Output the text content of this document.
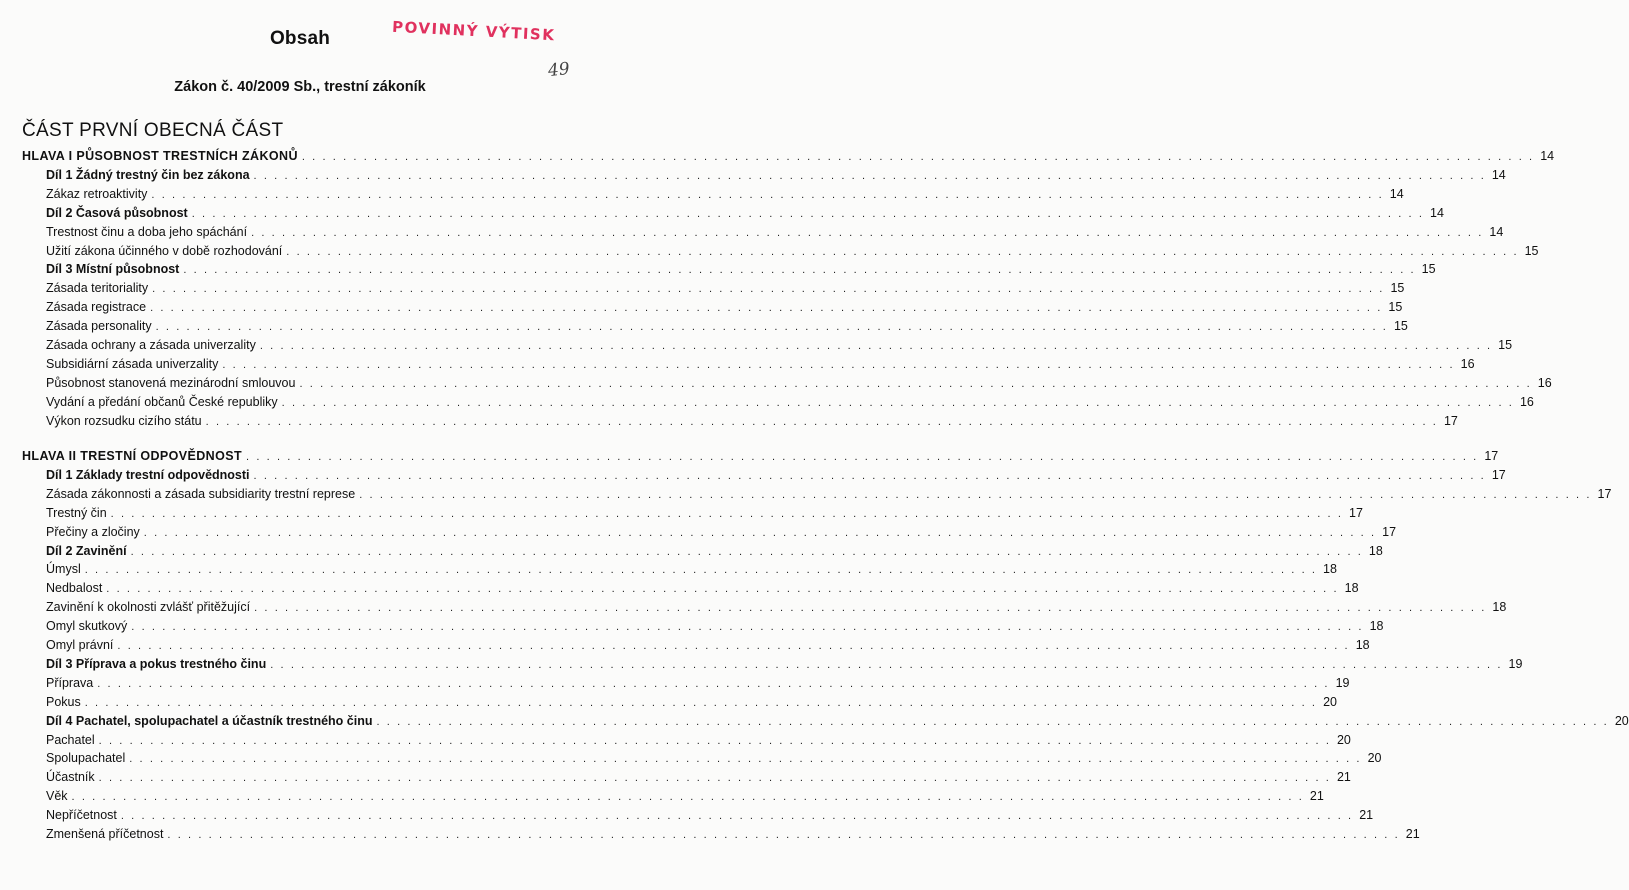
Obsah	POVINNÝ VÝTISK
49
Zákon č. 40/2009 Sb., trestní zákoník
ČÁST PRVNÍ OBECNÁ ČÁST
HLAVA I PŮSOBNOST TRESTNÍCH ZÁKONŮ . . . . . . . . . . . . . . . . . . . . . . . . . . . . . . . . . . . . . . . . . . . . . . . . . . . . . . . . . . . . . . . . . . . . . . . . . . . . . . . . . . . . . . . . . . . . . . . . . . . . . . . . . . . . . . . . . . . . . . . . 14
Díl 1 Žádný trestný čin bez zákona . . . . . . . . . . . . . . . . . . . . . . . . . . . . . . . . . . . . . . . . . . . . . . . . . . . . . . . . . . . . . . . . . . . . . . . . . . . . . . . . . . . . . . . . . . . . . . . . . . . . . . . . . . . . . . . . . . . . . . . . 14
Zákaz retroaktivity . . . . . . . . . . . . . . . . . . . . . . . . . . . . . . . . . . . . . . . . . . . . . . . . . . . . . . . . . . . . . . . . . . . . . . . . . . . . . . . . . . . . . . . . . . . . . . . . . . . . . . . . . . . . . . . . . . . . . . . . 14
Díl 2 Časová působnost . . . . . . . . . . . . . . . . . . . . . . . . . . . . . . . . . . . . . . . . . . . . . . . . . . . . . . . . . . . . . . . . . . . . . . . . . . . . . . . . . . . . . . . . . . . . . . . . . . . . . . . . . . . . . . . . . . . . . . . . 14
Trestnost činu a doba jeho spáchání . . . . . . . . . . . . . . . . . . . . . . . . . . . . . . . . . . . . . . . . . . . . . . . . . . . . . . . . . . . . . . . . . . . . . . . . . . . . . . . . . . . . . . . . . . . . . . . . . . . . . . . . . . . . . . . . . . . . . . . . 14
Užití zákona účinného v době rozhodování . . . . . . . . . . . . . . . . . . . . . . . . . . . . . . . . . . . . . . . . . . . . . . . . . . . . . . . . . . . . . . . . . . . . . . . . . . . . . . . . . . . . . . . . . . . . . . . . . . . . . . . . . . . . . . . . . . . . . . . . 15
Díl 3 Místní působnost . . . . . . . . . . . . . . . . . . . . . . . . . . . . . . . . . . . . . . . . . . . . . . . . . . . . . . . . . . . . . . . . . . . . . . . . . . . . . . . . . . . . . . . . . . . . . . . . . . . . . . . . . . . . . . . . . . . . . . . . 15
Zásada teritoriality . . . . . . . . . . . . . . . . . . . . . . . . . . . . . . . . . . . . . . . . . . . . . . . . . . . . . . . . . . . . . . . . . . . . . . . . . . . . . . . . . . . . . . . . . . . . . . . . . . . . . . . . . . . . . . . . . . . . . . . . 15
Zásada registrace . . . . . . . . . . . . . . . . . . . . . . . . . . . . . . . . . . . . . . . . . . . . . . . . . . . . . . . . . . . . . . . . . . . . . . . . . . . . . . . . . . . . . . . . . . . . . . . . . . . . . . . . . . . . . . . . . . . . . . . . 15
Zásada personality . . . . . . . . . . . . . . . . . . . . . . . . . . . . . . . . . . . . . . . . . . . . . . . . . . . . . . . . . . . . . . . . . . . . . . . . . . . . . . . . . . . . . . . . . . . . . . . . . . . . . . . . . . . . . . . . . . . . . . . . 15
Zásada ochrany a zásada univerzality . . . . . . . . . . . . . . . . . . . . . . . . . . . . . . . . . . . . . . . . . . . . . . . . . . . . . . . . . . . . . . . . . . . . . . . . . . . . . . . . . . . . . . . . . . . . . . . . . . . . . . . . . . . . . . . . . . . . . . . . 15
Subsidiární zásada univerzality . . . . . . . . . . . . . . . . . . . . . . . . . . . . . . . . . . . . . . . . . . . . . . . . . . . . . . . . . . . . . . . . . . . . . . . . . . . . . . . . . . . . . . . . . . . . . . . . . . . . . . . . . . . . . . . . . . . . . . . . 16
Působnost stanovená mezinárodní smlouvou . . . . . . . . . . . . . . . . . . . . . . . . . . . . . . . . . . . . . . . . . . . . . . . . . . . . . . . . . . . . . . . . . . . . . . . . . . . . . . . . . . . . . . . . . . . . . . . . . . . . . . . . . . . . . . . . . . . . . . . . 16
Vydání a předání občanů České republiky . . . . . . . . . . . . . . . . . . . . . . . . . . . . . . . . . . . . . . . . . . . . . . . . . . . . . . . . . . . . . . . . . . . . . . . . . . . . . . . . . . . . . . . . . . . . . . . . . . . . . . . . . . . . . . . . . . . . . . . . 16
Výkon rozsudku cizího státu . . . . . . . . . . . . . . . . . . . . . . . . . . . . . . . . . . . . . . . . . . . . . . . . . . . . . . . . . . . . . . . . . . . . . . . . . . . . . . . . . . . . . . . . . . . . . . . . . . . . . . . . . . . . . . . . . . . . . . . . 17
HLAVA II TRESTNÍ ODPOVĚDNOST . . . . . . . . . . . . . . . . . . . . . . . . . . . . . . . . . . . . . . . . . . . . . . . . . . . . . . . . . . . . . . . . . . . . . . . . . . . . . . . . . . . . . . . . . . . . . . . . . . . . . . . . . . . . . . . . . . . . . . . . 17
Díl 1 Základy trestní odpovědnosti . . . . . . . . . . . . . . . . . . . . . . . . . . . . . . . . . . . . . . . . . . . . . . . . . . . . . . . . . . . . . . . . . . . . . . . . . . . . . . . . . . . . . . . . . . . . . . . . . . . . . . . . . . . . . . . . . . . . . . . . 17
Zásada zákonnosti a zásada subsidiarity trestní represe . . . . . . . . . . . . . . . . . . . . . . . . . . . . . . . . . . . . . . . . . . . . . . . . . . . . . . . . . . . . . . . . . . . . . . . . . . . . . . . . . . . . . . . . . . . . . . . . . . . . . . . . . . . . . . . . . . . . . . . . 17
Trestný čin . . . . . . . . . . . . . . . . . . . . . . . . . . . . . . . . . . . . . . . . . . . . . . . . . . . . . . . . . . . . . . . . . . . . . . . . . . . . . . . . . . . . . . . . . . . . . . . . . . . . . . . . . . . . . . . . . . . . . . . . 17
Přečiny a zločiny . . . . . . . . . . . . . . . . . . . . . . . . . . . . . . . . . . . . . . . . . . . . . . . . . . . . . . . . . . . . . . . . . . . . . . . . . . . . . . . . . . . . . . . . . . . . . . . . . . . . . . . . . . . . . . . . . . . . . . . . 17
Díl 2 Zavinění . . . . . . . . . . . . . . . . . . . . . . . . . . . . . . . . . . . . . . . . . . . . . . . . . . . . . . . . . . . . . . . . . . . . . . . . . . . . . . . . . . . . . . . . . . . . . . . . . . . . . . . . . . . . . . . . . . . . . . . . 18
Úmysl . . . . . . . . . . . . . . . . . . . . . . . . . . . . . . . . . . . . . . . . . . . . . . . . . . . . . . . . . . . . . . . . . . . . . . . . . . . . . . . . . . . . . . . . . . . . . . . . . . . . . . . . . . . . . . . . . . . . . . . . 18
Nedbalost . . . . . . . . . . . . . . . . . . . . . . . . . . . . . . . . . . . . . . . . . . . . . . . . . . . . . . . . . . . . . . . . . . . . . . . . . . . . . . . . . . . . . . . . . . . . . . . . . . . . . . . . . . . . . . . . . . . . . . . . 18
Zavinění k okolnosti zvlášť přitěžující . . . . . . . . . . . . . . . . . . . . . . . . . . . . . . . . . . . . . . . . . . . . . . . . . . . . . . . . . . . . . . . . . . . . . . . . . . . . . . . . . . . . . . . . . . . . . . . . . . . . . . . . . . . . . . . . . . . . . . . . 18
Omyl skutkový . . . . . . . . . . . . . . . . . . . . . . . . . . . . . . . . . . . . . . . . . . . . . . . . . . . . . . . . . . . . . . . . . . . . . . . . . . . . . . . . . . . . . . . . . . . . . . . . . . . . . . . . . . . . . . . . . . . . . . . . 18
Omyl právní . . . . . . . . . . . . . . . . . . . . . . . . . . . . . . . . . . . . . . . . . . . . . . . . . . . . . . . . . . . . . . . . . . . . . . . . . . . . . . . . . . . . . . . . . . . . . . . . . . . . . . . . . . . . . . . . . . . . . . . . 18
Díl 3 Příprava a pokus trestného činu . . . . . . . . . . . . . . . . . . . . . . . . . . . . . . . . . . . . . . . . . . . . . . . . . . . . . . . . . . . . . . . . . . . . . . . . . . . . . . . . . . . . . . . . . . . . . . . . . . . . . . . . . . . . . . . . . . . . . . . . 19
Příprava . . . . . . . . . . . . . . . . . . . . . . . . . . . . . . . . . . . . . . . . . . . . . . . . . . . . . . . . . . . . . . . . . . . . . . . . . . . . . . . . . . . . . . . . . . . . . . . . . . . . . . . . . . . . . . . . . . . . . . . . 19
Pokus . . . . . . . . . . . . . . . . . . . . . . . . . . . . . . . . . . . . . . . . . . . . . . . . . . . . . . . . . . . . . . . . . . . . . . . . . . . . . . . . . . . . . . . . . . . . . . . . . . . . . . . . . . . . . . . . . . . . . . . . 20
Díl 4 Pachatel, spolupachatel a účastník trestného činu . . . . . . . . . . . . . . . . . . . . . . . . . . . . . . . . . . . . . . . . . . . . . . . . . . . . . . . . . . . . . . . . . . . . . . . . . . . . . . . . . . . . . . . . . . . . . . . . . . . . . . . . . . . . . . . . . . . . . . . . 20
Pachatel . . . . . . . . . . . . . . . . . . . . . . . . . . . . . . . . . . . . . . . . . . . . . . . . . . . . . . . . . . . . . . . . . . . . . . . . . . . . . . . . . . . . . . . . . . . . . . . . . . . . . . . . . . . . . . . . . . . . . . . . 20
Spolupachatel . . . . . . . . . . . . . . . . . . . . . . . . . . . . . . . . . . . . . . . . . . . . . . . . . . . . . . . . . . . . . . . . . . . . . . . . . . . . . . . . . . . . . . . . . . . . . . . . . . . . . . . . . . . . . . . . . . . . . . . . 20
Účastník . . . . . . . . . . . . . . . . . . . . . . . . . . . . . . . . . . . . . . . . . . . . . . . . . . . . . . . . . . . . . . . . . . . . . . . . . . . . . . . . . . . . . . . . . . . . . . . . . . . . . . . . . . . . . . . . . . . . . . . . 21
Věk . . . . . . . . . . . . . . . . . . . . . . . . . . . . . . . . . . . . . . . . . . . . . . . . . . . . . . . . . . . . . . . . . . . . . . . . . . . . . . . . . . . . . . . . . . . . . . . . . . . . . . . . . . . . . . . . . . . . . . . . 21
Nepříčetnost . . . . . . . . . . . . . . . . . . . . . . . . . . . . . . . . . . . . . . . . . . . . . . . . . . . . . . . . . . . . . . . . . . . . . . . . . . . . . . . . . . . . . . . . . . . . . . . . . . . . . . . . . . . . . . . . . . . . . . . . 21
Zmenšená příčetnost . . . . . . . . . . . . . . . . . . . . . . . . . . . . . . . . . . . . . . . . . . . . . . . . . . . . . . . . . . . . . . . . . . . . . . . . . . . . . . . . . . . . . . . . . . . . . . . . . . . . . . . . . . . . . . . . . . . . . . . . 21
